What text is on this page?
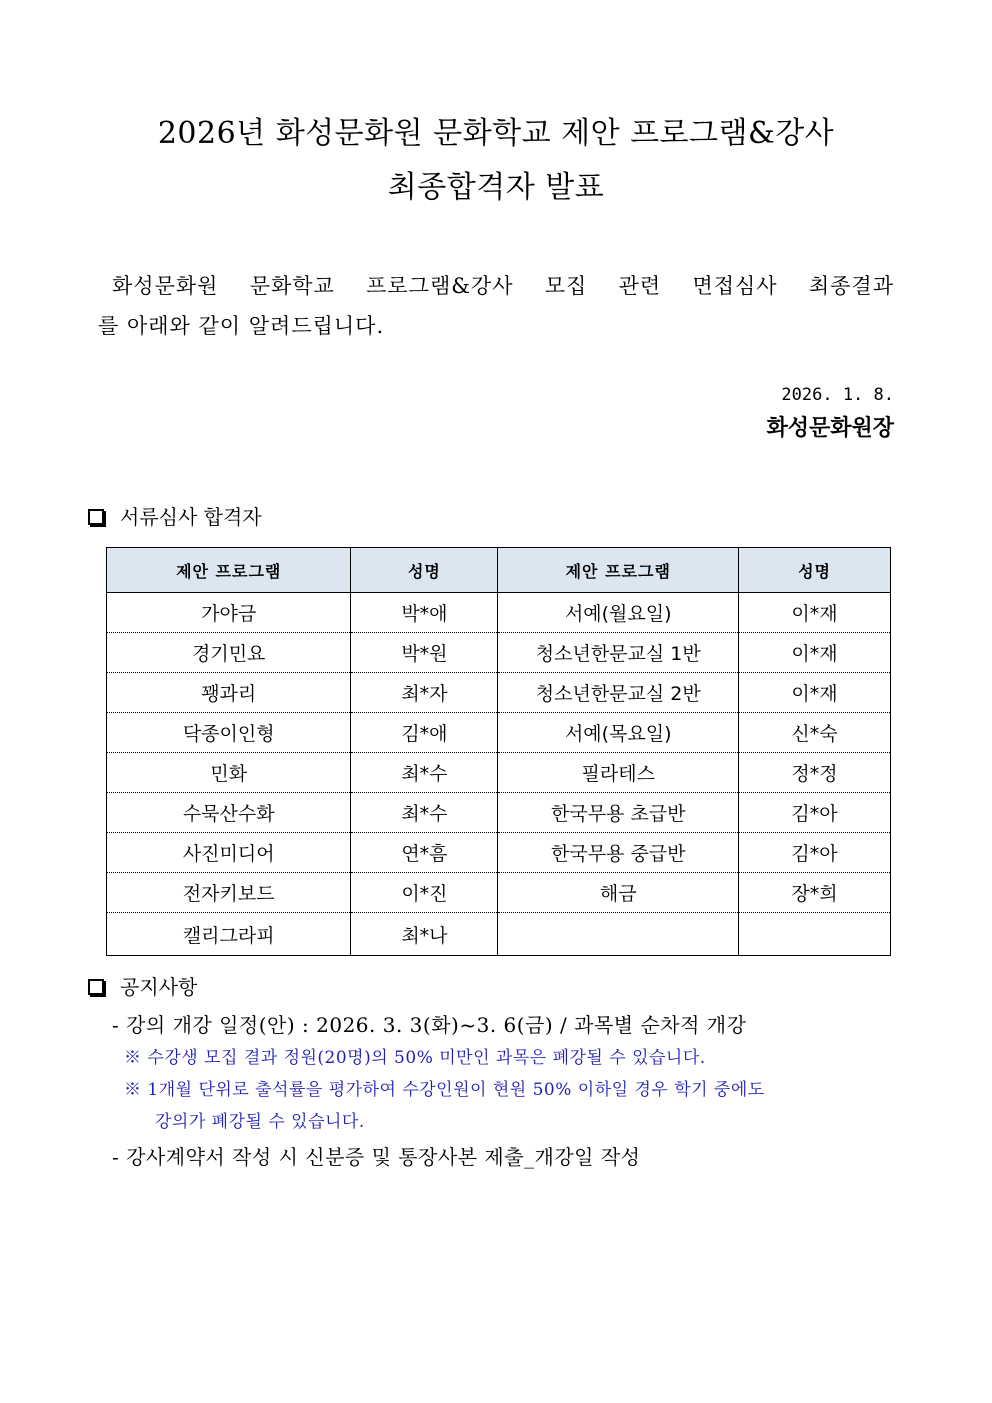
2026년 화성문화원 문화학교 제안 프로그램&강사
최종합격자 발표
화성문화원 문화학교 프로그램&강사 모집 관련 면접심사 최종결과
를 아래와 같이 알려드립니다.
2026. 1. 8.
화성문화원장
서류심사 합격자
제안 프로그램	성명	제안 프로그램	성명
가야금	박*애	서예(월요일)	이*재
경기민요	박*원	청소년한문교실 1반	이*재
꽹과리	최*자	청소년한문교실 2반	이*재
닥종이인형	김*애	서예(목요일)	신*숙
민화	최*수	필라테스	정*정
수묵산수화	최*수	한국무용 초급반	김*아
사진미디어	연*흠	한국무용 중급반	김*아
전자키보드	이*진	해금	장*희
캘리그라피	최*나		
공지사항
- 강의 개강 일정(안) : 2026. 3. 3(화)~3. 6(금) / 과목별 순차적 개강
※ 수강생 모집 결과 정원(20명)의 50% 미만인 과목은 폐강될 수 있습니다.
※ 1개월 단위로 출석률을 평가하여 수강인원이 현원 50% 이하일 경우 학기 중에도
강의가 폐강될 수 있습니다.
- 강사계약서 작성 시 신분증 및 통장사본 제출_개강일 작성
